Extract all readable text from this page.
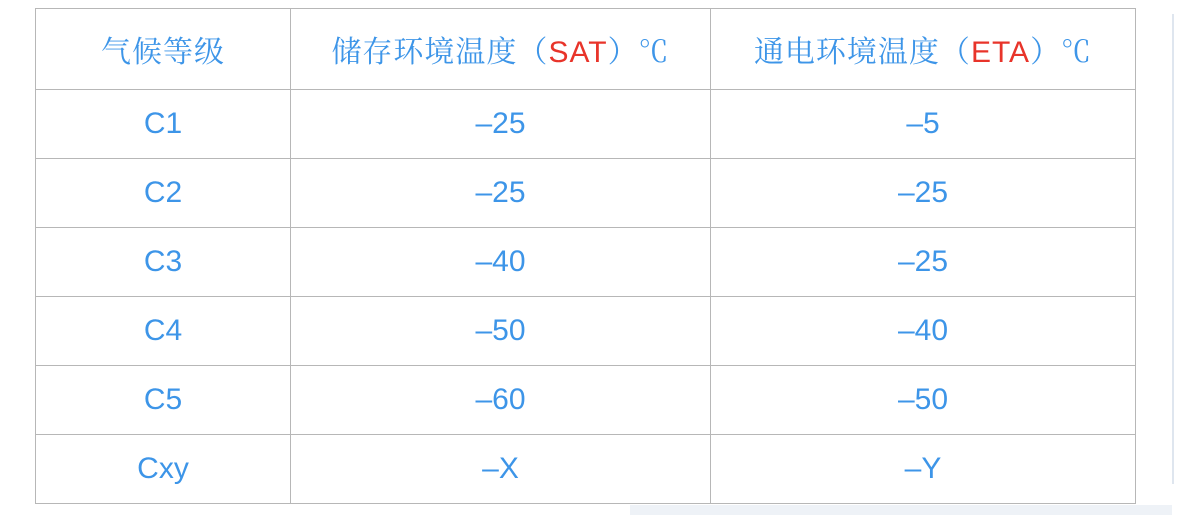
气候等级	储存环境温度（SAT）℃	通电环境温度（ETA）℃
C1	–25	–5
C2	–25	–25
C3	–40	–25
C4	–50	–40
C5	–60	–50
Cxy	–X	–Y
